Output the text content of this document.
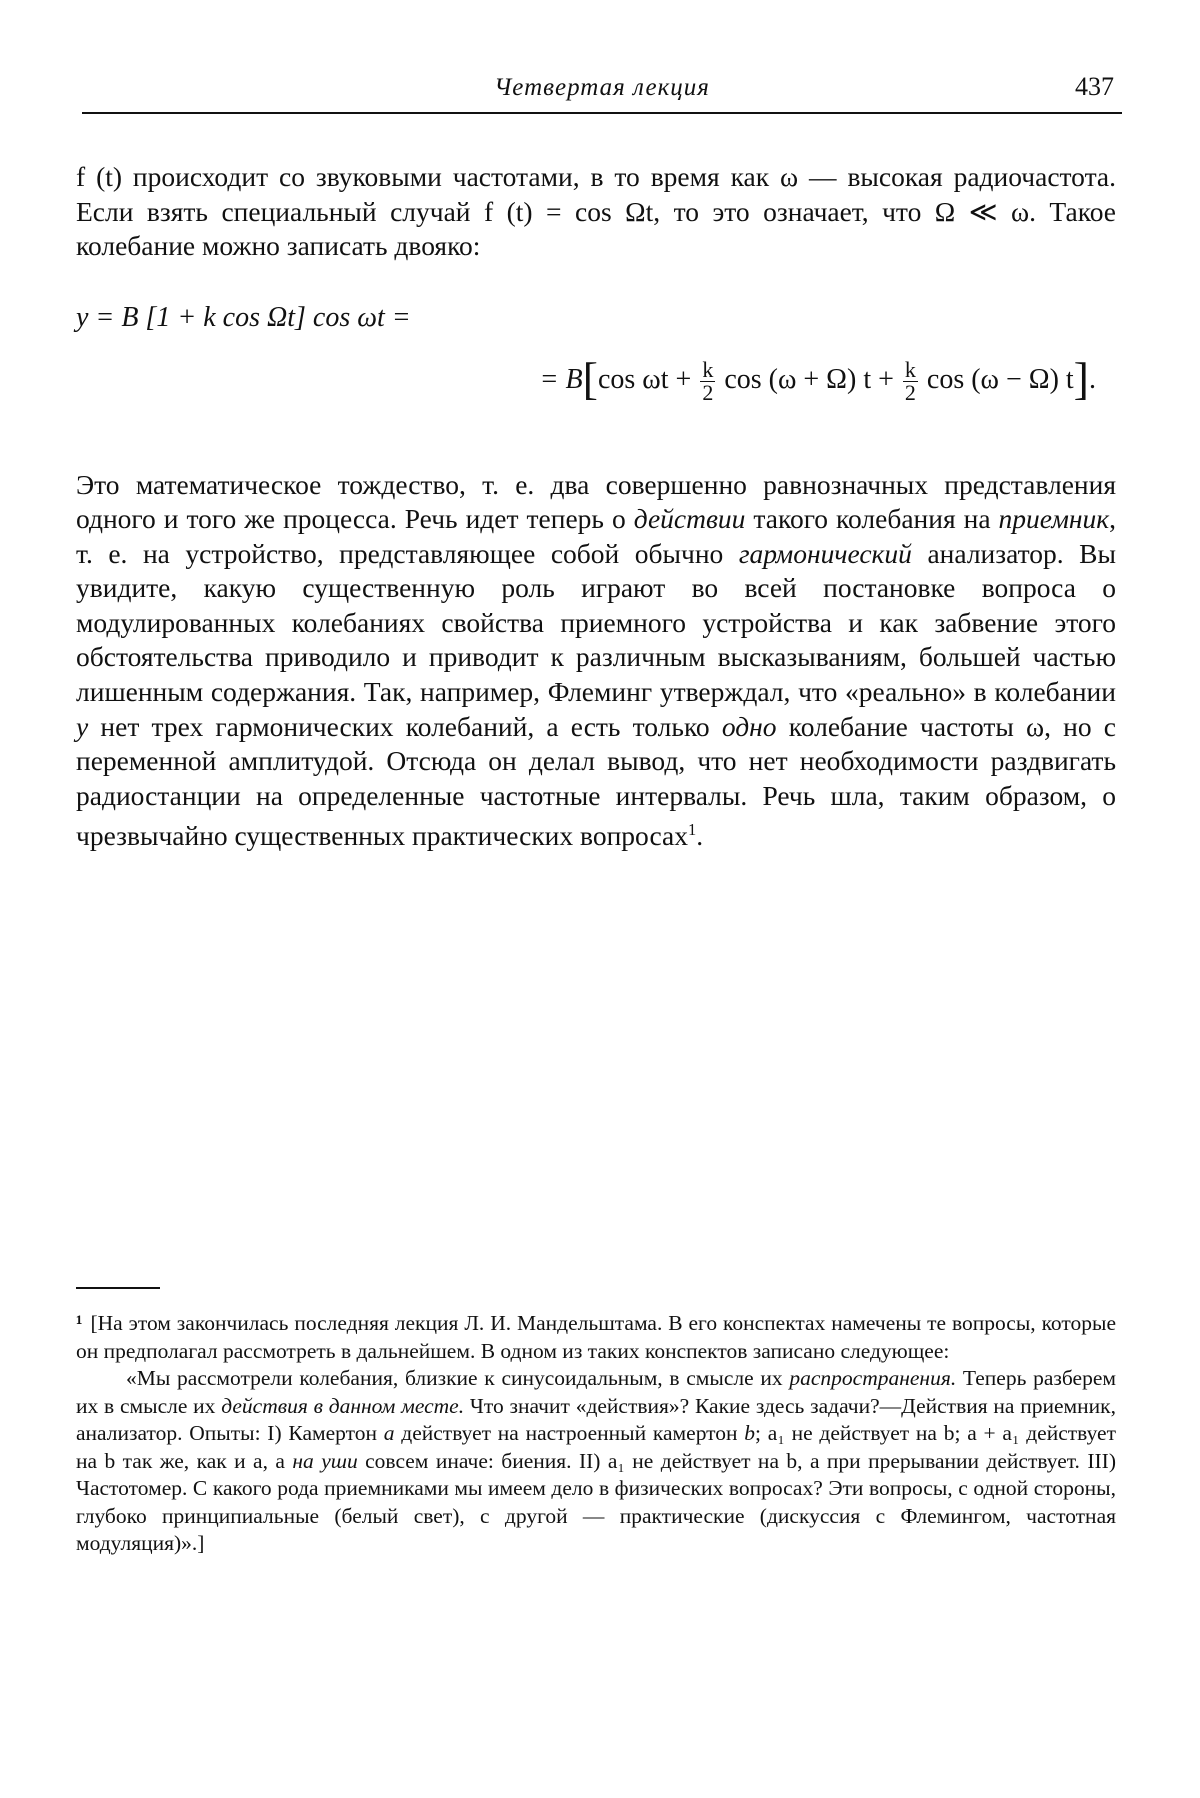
Четвертая лекция	437

f (t) происходит со звуковыми частотами, в то время как ω — высокая радиочастота. Если взять специальный случай f (t) = cos Ωt, то это означает, что Ω ≪ ω. Такое колебание можно записать двояко:

y = B [1 + k cos Ωt] cos ωt =
= B[cos $\omega t + \frac{k}{2}$ cos (ω + Ω) $t + \frac{k}{2}$ cos (ω − Ω) t].

Это математическое тождество, т. е. два совершенно равнозначных представления одного и того же процесса. Речь идет теперь о действии такого колебания на приемник, т. е. на устройство, представляющее собой обычно гармонический анализатор. Вы увидите, какую существенную роль играют во всей постановке вопроса о модулированных колебаниях свойства приемного устройства и как забвение этого обстоятельства приводило и приводит к различным высказываниям, большей частью лишенным содержания. Так, например, Флеминг утверждал, что «реально» в колебании y нет трех гармонических колебаний, а есть только одно колебание частоты ω, но с переменной амплитудой. Отсюда он делал вывод, что нет необходимости раздвигать радиостанции на определенные частотные интервалы. Речь шла, таким образом, о чрезвычайно существенных практических вопросах$^1$.

¹ [На этом закончилась последняя лекция Л. И. Мандельштама. В его конспектах намечены те вопросы, которые он предполагал рассмотреть в дальнейшем. В одном из таких конспектов записано следующее:

«Мы рассмотрели колебания, близкие к синусоидальным, в смысле их распространения. Теперь разберем их в смысле их действия в данном месте. Что значит «действия»? Какие здесь задачи?—Действия на приемник, анализатор. Опыты: I) Камертон a действует на настроенный камертон b; a₁ не действует на b; a + a₁ действует на b так же, как и a, а на уши совсем иначе: биения. II) a₁ не действует на b, а при прерывании действует. III) Частотомер. С какого рода приемниками мы имеем дело в физических вопросах? Эти вопросы, с одной стороны, глубоко принципиальные (белый свет), с другой — практические (дискуссия с Флемингом, частотная модуляция)».]
